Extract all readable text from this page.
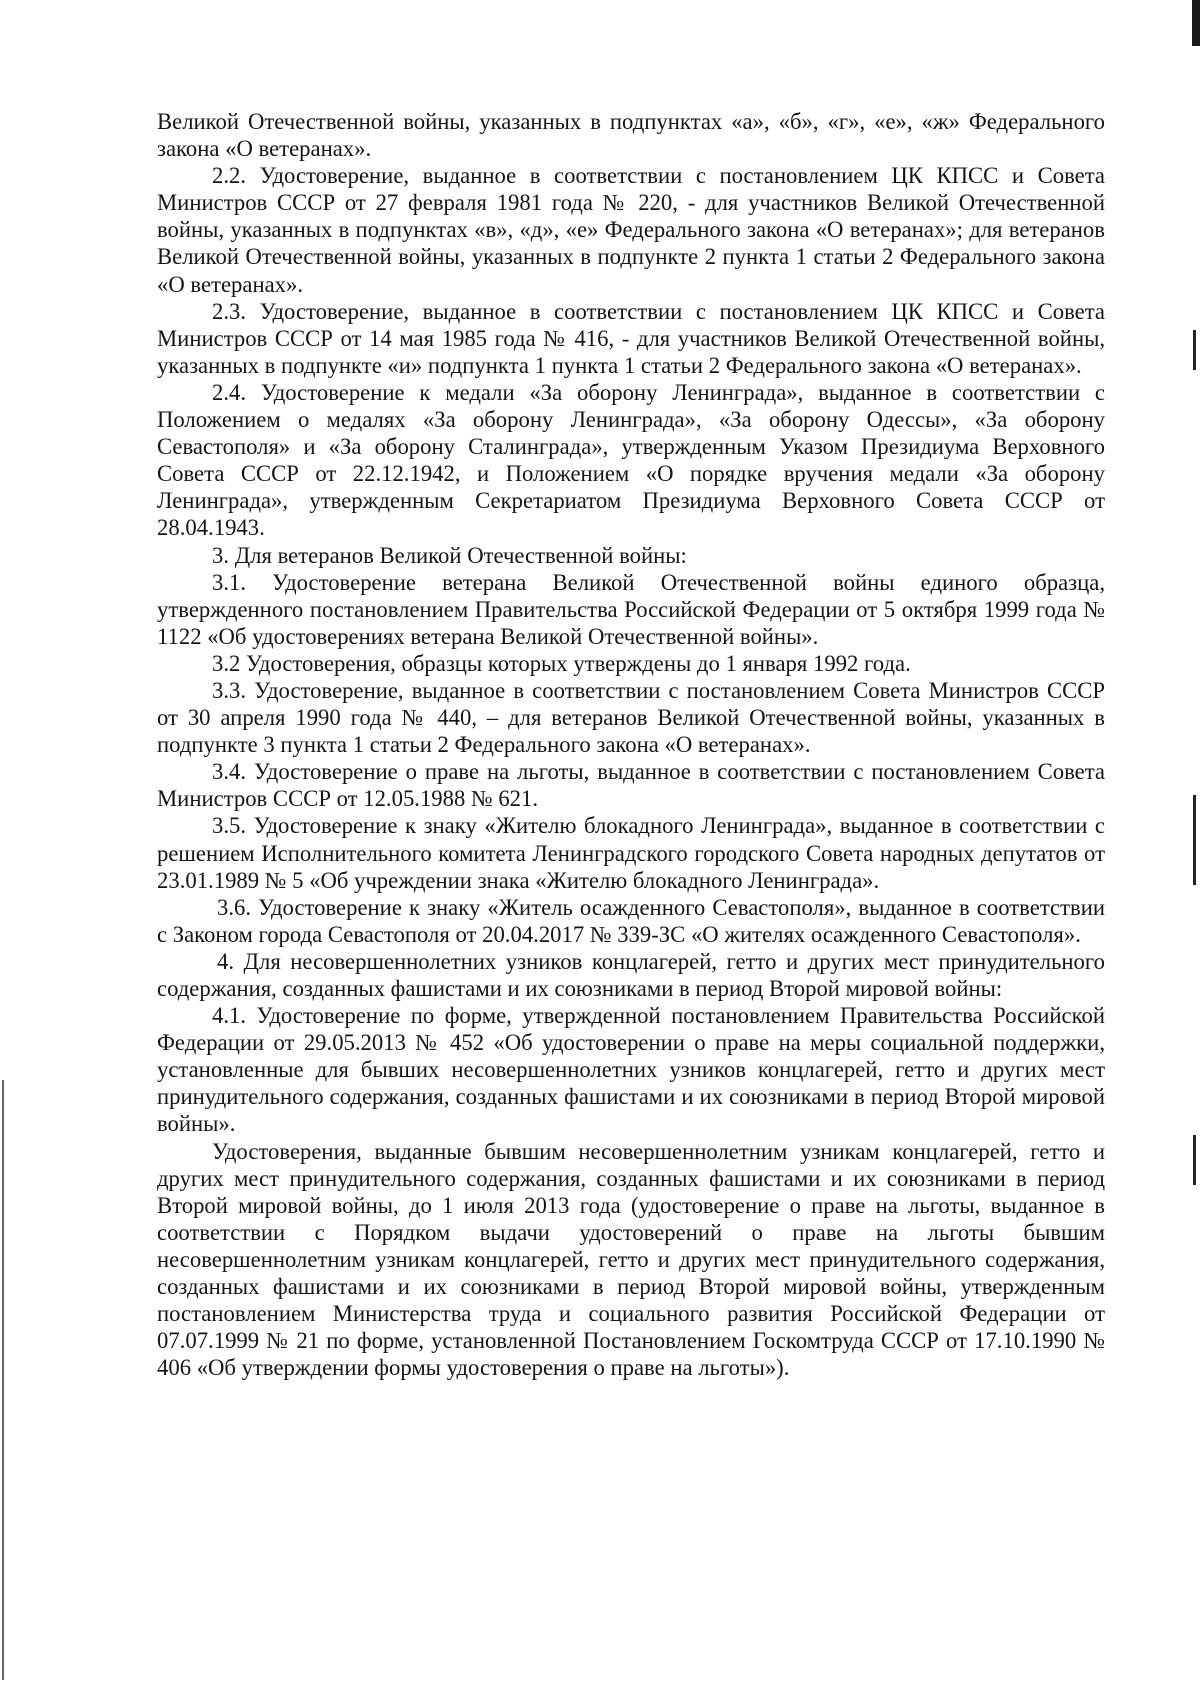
Великой Отечественной войны, указанных в подпунктах «а», «б», «г», «е», «ж» Федерального закона «О ветеранах».

2.2. Удостоверение, выданное в соответствии с постановлением ЦК КПСС и Совета Министров СССР от 27 февраля 1981 года № 220, - для участников Великой Отечественной войны, указанных в подпунктах «в», «д», «е» Федерального закона «О ветеранах»; для ветеранов Великой Отечественной войны, указанных в подпункте 2 пункта 1 статьи 2 Федерального закона «О ветеранах».

2.3. Удостоверение, выданное в соответствии с постановлением ЦК КПСС и Совета Министров СССР от 14 мая 1985 года № 416, - для участников Великой Отечественной войны, указанных в подпункте «и» подпункта 1 пункта 1 статьи 2 Федерального закона «О ветеранах».

2.4. Удостоверение к медали «За оборону Ленинграда», выданное в соответствии с Положением о медалях «За оборону Ленинграда», «За оборону Одессы», «За оборону Севастополя» и «За оборону Сталинграда», утвержденным Указом Президиума Верховного Совета СССР от 22.12.1942, и Положением «О порядке вручения медали «За оборону Ленинграда», утвержденным Секретариатом Президиума Верховного Совета СССР от 28.04.1943.

3. Для ветеранов Великой Отечественной войны:

3.1. Удостоверение ветерана Великой Отечественной войны единого образца, утвержденного постановлением Правительства Российской Федерации от 5 октября 1999 года № 1122 «Об удостоверениях ветерана Великой Отечественной войны».

3.2 Удостоверения, образцы которых утверждены до 1 января 1992 года.

3.3. Удостоверение, выданное в соответствии с постановлением Совета Министров СССР от 30 апреля 1990 года № 440, – для ветеранов Великой Отечественной войны, указанных в подпункте 3 пункта 1 статьи 2 Федерального закона «О ветеранах».

3.4. Удостоверение о праве на льготы, выданное в соответствии с постановлением Совета Министров СССР от 12.05.1988 № 621.

3.5. Удостоверение к знаку «Жителю блокадного Ленинграда», выданное в соответствии с решением Исполнительного комитета Ленинградского городского Совета народных депутатов от 23.01.1989 № 5 «Об учреждении знака «Жителю блокадного Ленинграда».

3.6. Удостоверение к знаку «Житель осажденного Севастополя», выданное в соответствии с Законом города Севастополя от 20.04.2017 № 339-ЗС «О жителях осажденного Севастополя».

4. Для несовершеннолетних узников концлагерей, гетто и других мест принудительного содержания, созданных фашистами и их союзниками в период Второй мировой войны:

4.1. Удостоверение по форме, утвержденной постановлением Правительства Российской Федерации от 29.05.2013 № 452 «Об удостоверении о праве на меры социальной поддержки, установленные для бывших несовершеннолетних узников концлагерей, гетто и других мест принудительного содержания, созданных фашистами и их союзниками в период Второй мировой войны».

Удостоверения, выданные бывшим несовершеннолетним узникам концлагерей, гетто и других мест принудительного содержания, созданных фашистами и их союзниками в период Второй мировой войны, до 1 июля 2013 года (удостоверение о праве на льготы, выданное в соответствии с Порядком выдачи удостоверений о праве на льготы бывшим несовершеннолетним узникам концлагерей, гетто и других мест принудительного содержания, созданных фашистами и их союзниками в период Второй мировой войны, утвержденным постановлением Министерства труда и социального развития Российской Федерации от 07.07.1999 № 21 по форме, установленной Постановлением Госкомтруда СССР от 17.10.1990 № 406 «Об утверждении формы удостоверения о праве на льготы»).
